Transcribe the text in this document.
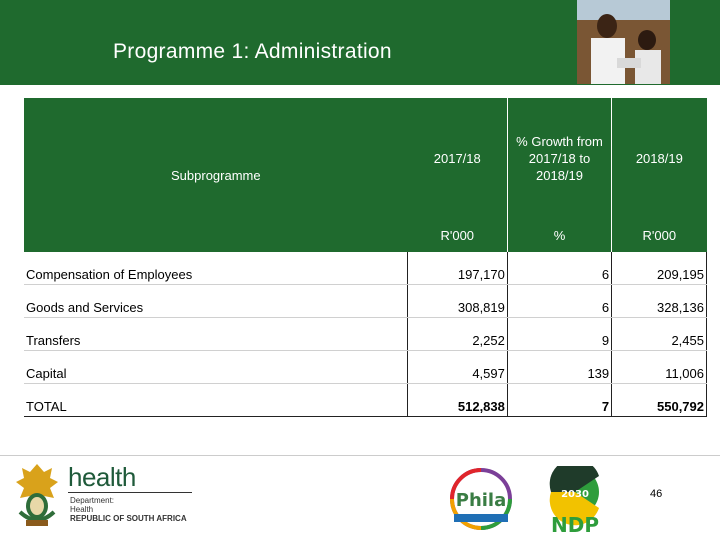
Programme 1: Administration
Subprogramme	2017/18	% Growth from 2017/18 to 2018/19	2018/19
	R'000	%	R'000
Compensation of Employees	197,170	6	209,195
Goods and Services	308,819	6	328,136
Transfers	2,252	9	2,455
Capital	4,597	139	11,006
TOTAL	512,838	7	550,792
health
Department:
Health
REPUBLIC OF SOUTH AFRICA
Phila	2030
NDP
46
